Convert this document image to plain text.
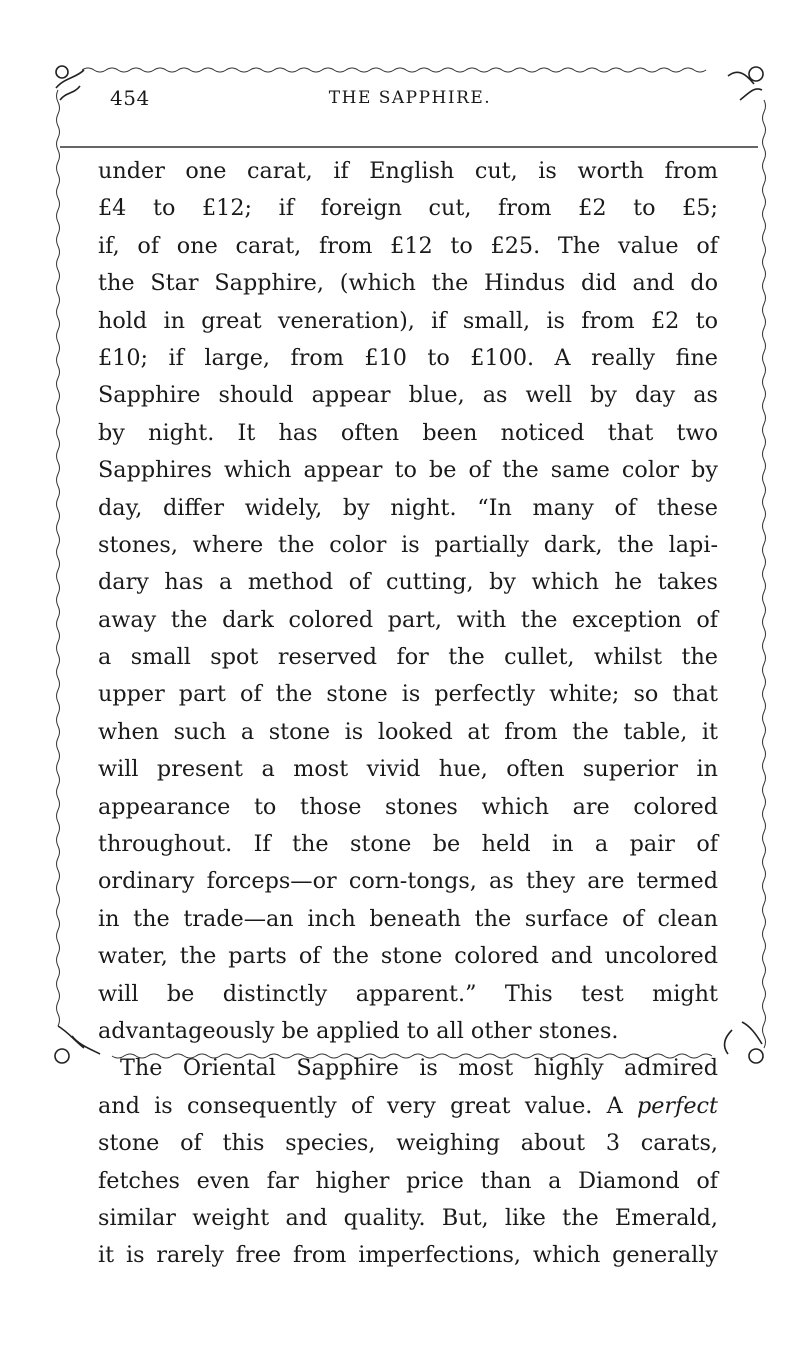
454	THE SAPPHIRE.
under one carat, if English cut, is worth from
£4 to £12; if foreign cut, from £2 to £5;
if, of one carat, from £12 to £25. The value of
the Star Sapphire, (which the Hindus did and do
hold in great veneration), if small, is from £2 to
£10; if large, from £10 to £100. A really fine
Sapphire should appear blue, as well by day as
by night. It has often been noticed that two
Sapphires which appear to be of the same color by
day, differ widely, by night. “In many of these
stones, where the color is partially dark, the lapi-
dary has a method of cutting, by which he takes
away the dark colored part, with the exception of
a small spot reserved for the cullet, whilst the
upper part of the stone is perfectly white; so that
when such a stone is looked at from the table, it
will present a most vivid hue, often superior in
appearance to those stones which are colored
throughout. If the stone be held in a pair of
ordinary forceps—or corn-tongs, as they are termed
in the trade—an inch beneath the surface of clean
water, the parts of the stone colored and uncolored
will be distinctly apparent.” This test might
advantageously be applied to all other stones.
The Oriental Sapphire is most highly admired
and is consequently of very great value. A perfect
stone of this species, weighing about 3 carats,
fetches even far higher price than a Diamond of
similar weight and quality. But, like the Emerald,
it is rarely free from imperfections, which generally
